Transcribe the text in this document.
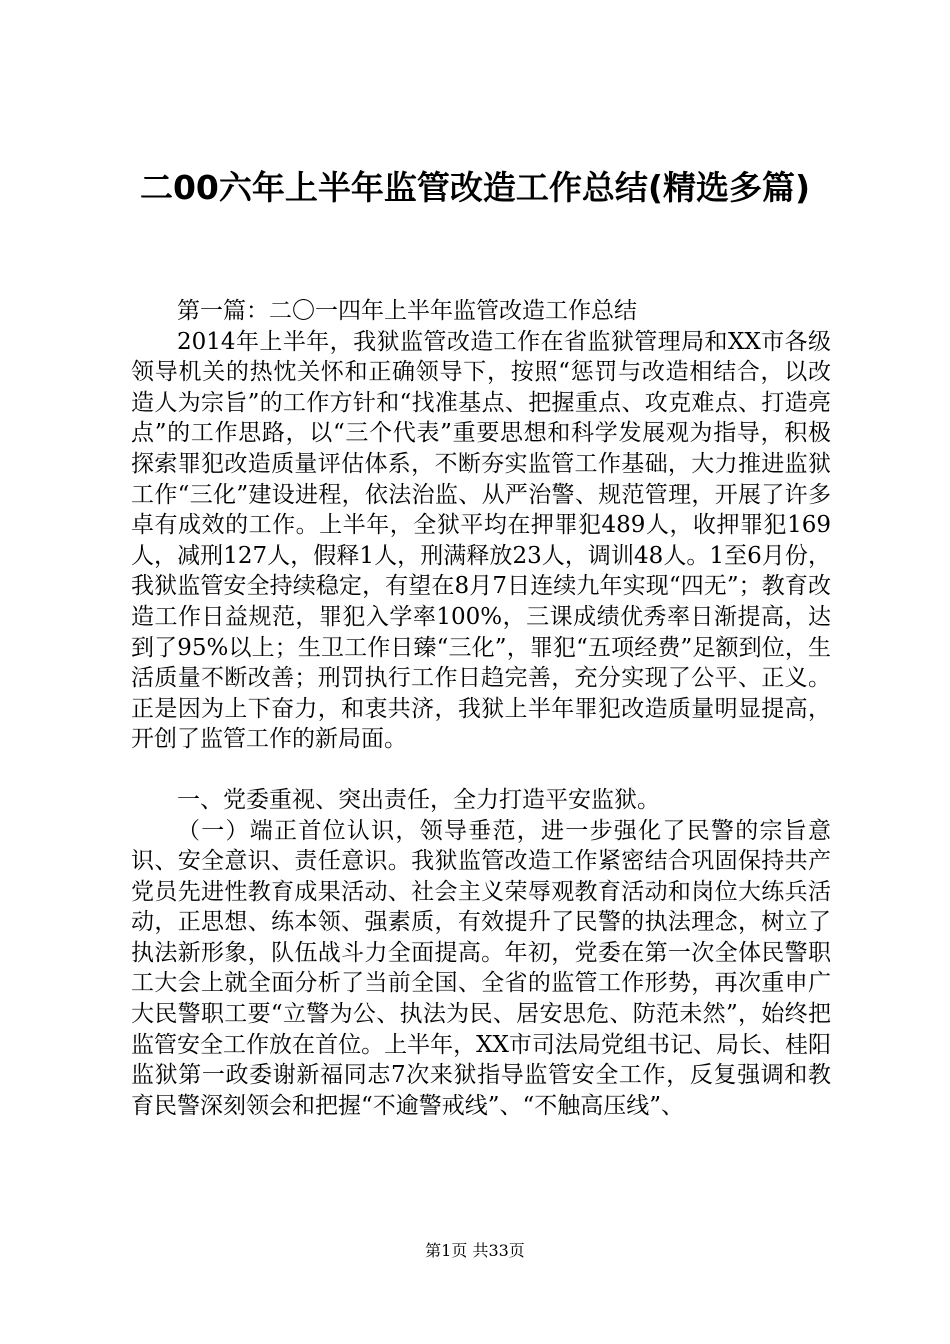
二00六年上半年监管改造工作总结(精选多篇)

第一篇：二〇一四年上半年监管改造工作总结

2014年上半年，我狱监管改造工作在省监狱管理局和XX市各级领导机关的热忱关怀和正确领导下，按照“惩罚与改造相结合，以改造人为宗旨”的工作方针和“找准基点、把握重点、攻克难点、打造亮点”的工作思路，以“三个代表”重要思想和科学发展观为指导，积极探索罪犯改造质量评估体系，不断夯实监管工作基础，大力推进监狱工作“三化”建设进程，依法治监、从严治警、规范管理，开展了许多卓有成效的工作。上半年，全狱平均在押罪犯489人，收押罪犯169人，减刑127人，假释1人，刑满释放23人，调训48人。1至6月份，我狱监管安全持续稳定，有望在8月7日连续九年实现“四无”；教育改造工作日益规范，罪犯入学率100%，三课成绩优秀率日渐提高，达到了95%以上；生卫工作日臻“三化”，罪犯“五项经费”足额到位，生活质量不断改善；刑罚执行工作日趋完善，充分实现了公平、正义。正是因为上下奋力，和衷共济，我狱上半年罪犯改造质量明显提高，开创了监管工作的新局面。

一、党委重视、突出责任，全力打造平安监狱。

（一）端正首位认识，领导垂范，进一步强化了民警的宗旨意识、安全意识、责任意识。我狱监管改造工作紧密结合巩固保持共产党员先进性教育成果活动、社会主义荣辱观教育活动和岗位大练兵活动，正思想、练本领、强素质，有效提升了民警的执法理念，树立了执法新形象，队伍战斗力全面提高。年初，党委在第一次全体民警职工大会上就全面分析了当前全国、全省的监管工作形势，再次重申广大民警职工要“立警为公、执法为民、居安思危、防范未然”，始终把监管安全工作放在首位。上半年，XX市司法局党组书记、局长、桂阳监狱第一政委谢新福同志7次来狱指导监管安全工作，反复强调和教育民警深刻领会和把握“不逾警戒线”、“不触高压线”、

第1页 共33页
